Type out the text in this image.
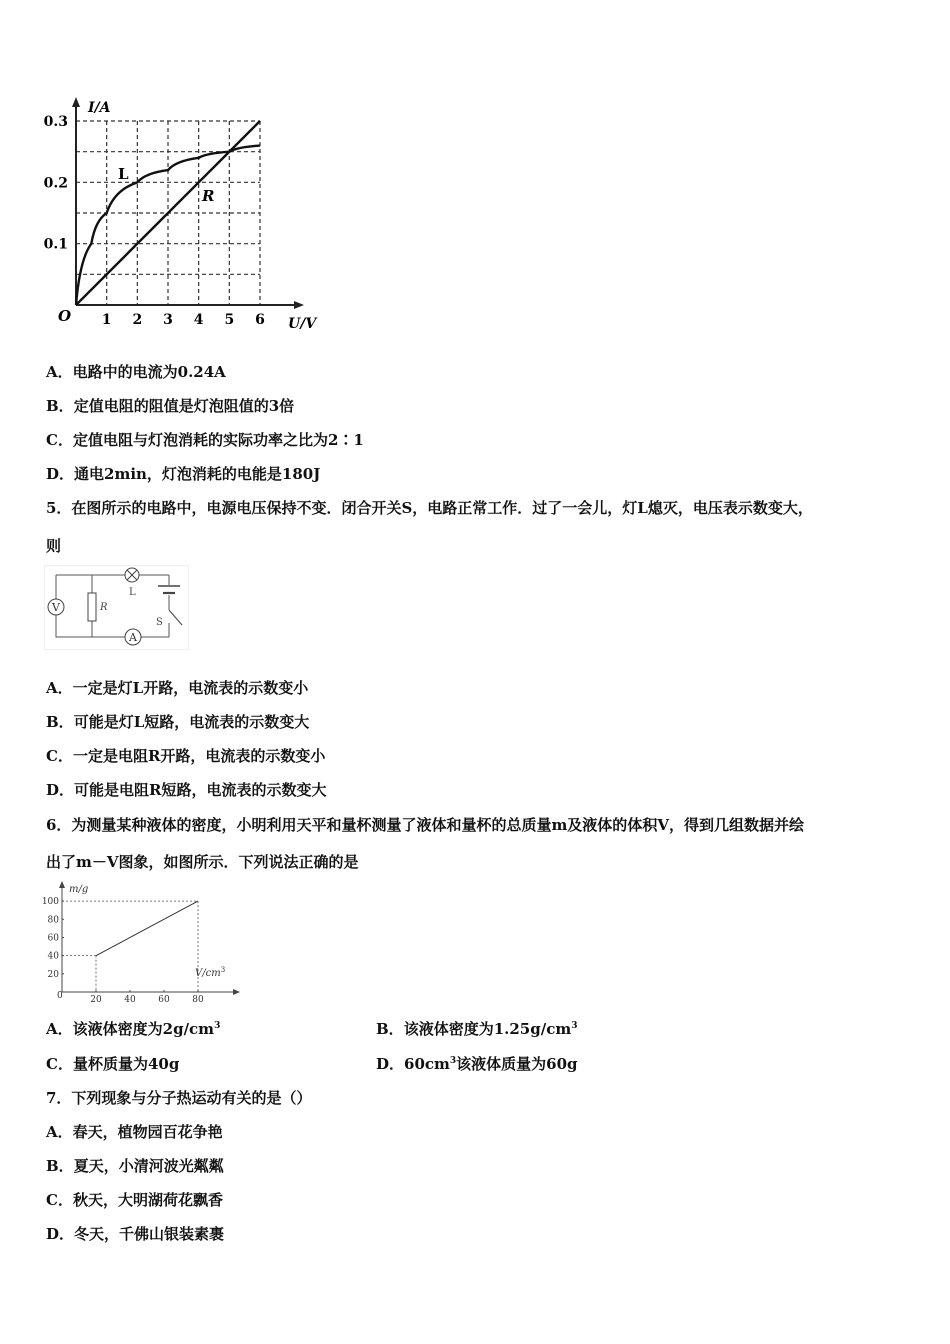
1 2 3 4 5 6
0.1
0.2
0.3
I/A
U/V
O
L
R
A．电路中的电流为0.24A
B．定值电阻的阻值是灯泡阻值的3倍
C．定值电阻与灯泡消耗的实际功率之比为2∶1
D．通电2min，灯泡消耗的电能是180J
5．在图所示的电路中，电源电压保持不变．闭合开关S，电路正常工作．过了一会儿，灯L熄灭，电压表示数变大，
则
S
V	R
L
A
A．一定是灯L开路，电流表的示数变小
B．可能是灯L短路，电流表的示数变大
C．一定是电阻R开路，电流表的示数变小
D．可能是电阻R短路，电流表的示数变大
6．为测量某种液体的密度，小明利用天平和量杯测量了液体和量杯的总质量m及液体的体积V，得到几组数据并绘
出了m－V图象，如图所示．下列说法正确的是
20	40	60	80
20
40
60
80
100
m/g
$V/cm^3$
0
A．该液体密度为$2g/cm^3$	B．该液体密度为$1.25g/cm^3$
C．量杯质量为40g	D．$60cm^3$该液体质量为60g
7．下列现象与分子热运动有关的是（）
A．春天，植物园百花争艳
B．夏天，小清河波光粼粼
C．秋天，大明湖荷花飘香
D．冬天，千佛山银装素裹
